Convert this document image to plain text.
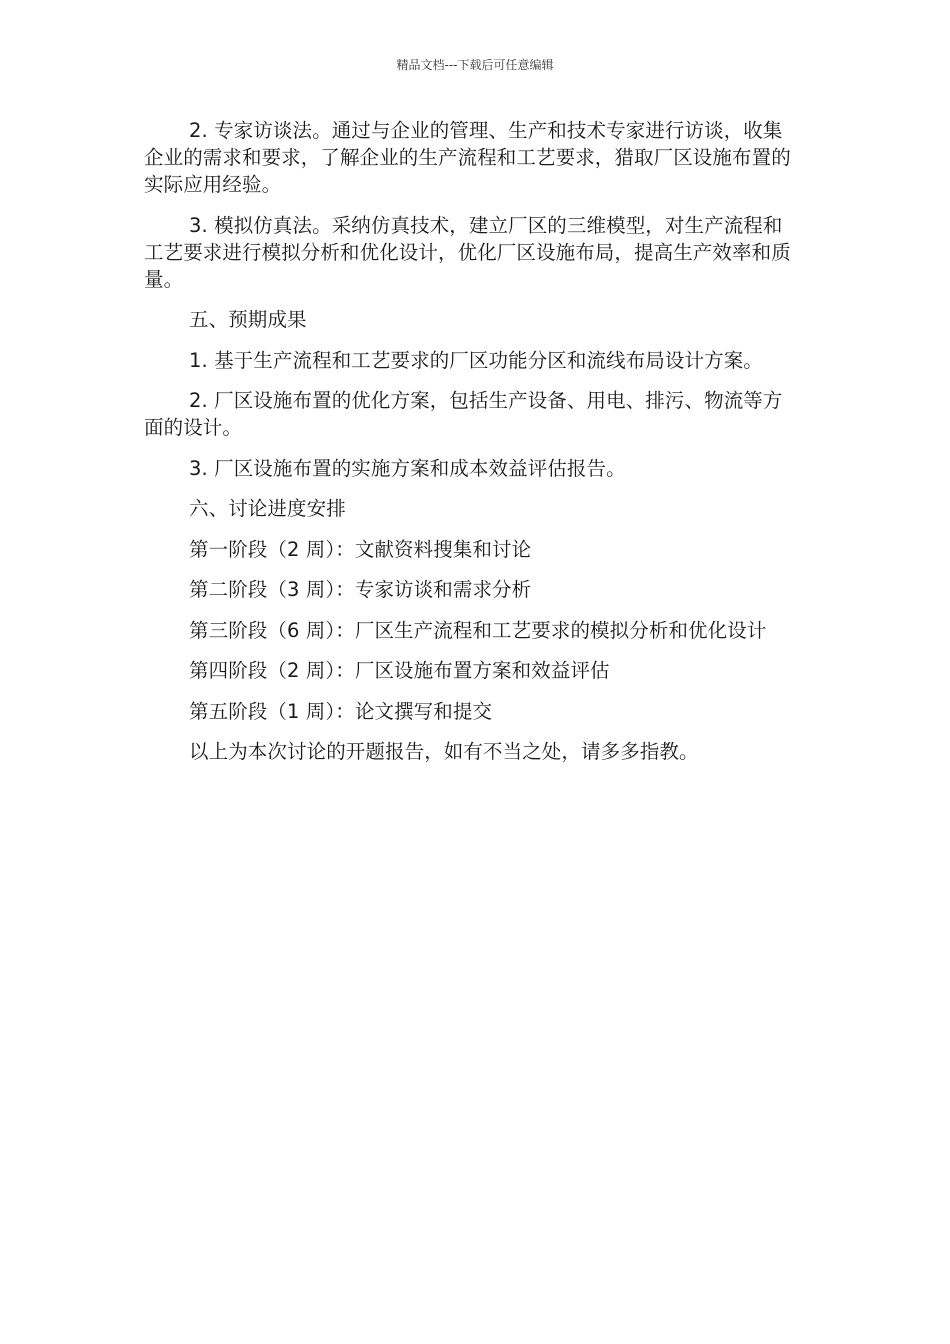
精品文档---下载后可任意编辑

2. 专家访谈法。通过与企业的管理、生产和技术专家进行访谈，收集企业的需求和要求，了解企业的生产流程和工艺要求，猎取厂区设施布置的实际应用经验。

3. 模拟仿真法。采纳仿真技术，建立厂区的三维模型，对生产流程和工艺要求进行模拟分析和优化设计，优化厂区设施布局，提高生产效率和质量。

五、预期成果

1. 基于生产流程和工艺要求的厂区功能分区和流线布局设计方案。

2. 厂区设施布置的优化方案，包括生产设备、用电、排污、物流等方面的设计。

3. 厂区设施布置的实施方案和成本效益评估报告。

六、讨论进度安排

第一阶段（2 周）：文献资料搜集和讨论

第二阶段（3 周）：专家访谈和需求分析

第三阶段（6 周）：厂区生产流程和工艺要求的模拟分析和优化设计

第四阶段（2 周）：厂区设施布置方案和效益评估

第五阶段（1 周）：论文撰写和提交

以上为本次讨论的开题报告，如有不当之处，请多多指教。
